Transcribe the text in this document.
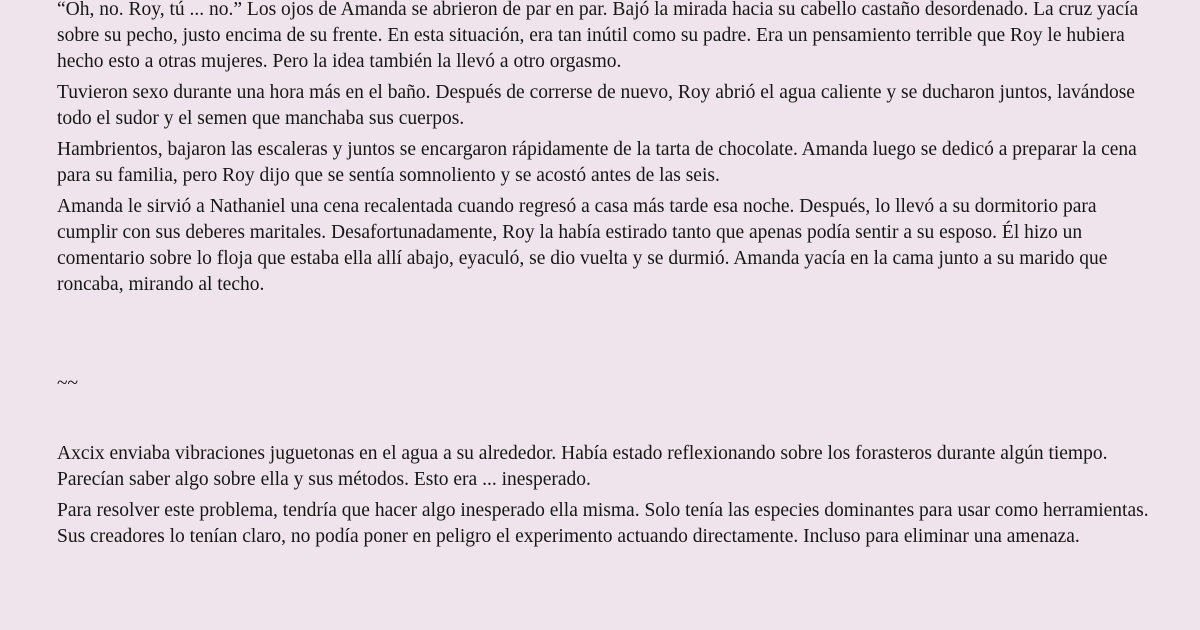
“Oh, no. Roy, tú ... no.” Los ojos de Amanda se abrieron de par en par. Bajó la mirada hacia su cabello castaño desordenado. La cruz yacía sobre su pecho, justo encima de su frente. En esta situación, era tan inútil como su padre. Era un pensamiento terrible que Roy le hubiera hecho esto a otras mujeres. Pero la idea también la llevó a otro orgasmo.

Tuvieron sexo durante una hora más en el baño. Después de correrse de nuevo, Roy abrió el agua caliente y se ducharon juntos, lavándose todo el sudor y el semen que manchaba sus cuerpos.

Hambrientos, bajaron las escaleras y juntos se encargaron rápidamente de la tarta de chocolate. Amanda luego se dedicó a preparar la cena para su familia, pero Roy dijo que se sentía somnoliento y se acostó antes de las seis.

Amanda le sirvió a Nathaniel una cena recalentada cuando regresó a casa más tarde esa noche. Después, lo llevó a su dormitorio para cumplir con sus deberes maritales. Desafortunadamente, Roy la había estirado tanto que apenas podía sentir a su esposo. Él hizo un comentario sobre lo floja que estaba ella allí abajo, eyaculó, se dio vuelta y se durmió. Amanda yacía en la cama junto a su marido que roncaba, mirando al techo.

~~

Axcix enviaba vibraciones juguetonas en el agua a su alrededor. Había estado reflexionando sobre los forasteros durante algún tiempo. Parecían saber algo sobre ella y sus métodos. Esto era ... inesperado.

Para resolver este problema, tendría que hacer algo inesperado ella misma. Solo tenía las especies dominantes para usar como herramientas. Sus creadores lo tenían claro, no podía poner en peligro el experimento actuando directamente. Incluso para eliminar una amenaza.
